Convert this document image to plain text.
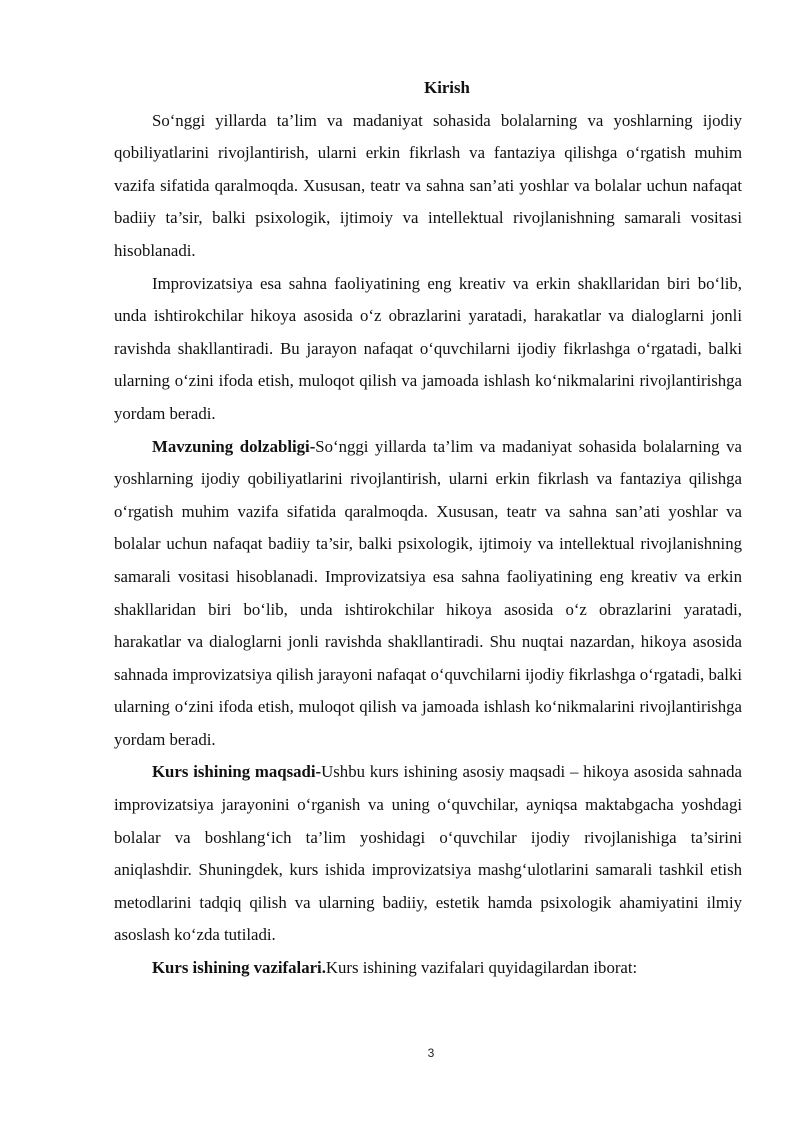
Kirish

So‘nggi yillarda ta’lim va madaniyat sohasida bolalarning va yoshlarning ijodiy qobiliyatlarini rivojlantirish, ularni erkin fikrlash va fantaziya qilishga o‘rgatish muhim vazifa sifatida qaralmoqda. Xususan, teatr va sahna san’ati yoshlar va bolalar uchun nafaqat badiiy ta’sir, balki psixologik, ijtimoiy va intellektual rivojlanishning samarali vositasi hisoblanadi.

Improvizatsiya esa sahna faoliyatining eng kreativ va erkin shakllaridan biri bo‘lib, unda ishtirokchilar hikoya asosida o‘z obrazlarini yaratadi, harakatlar va dialoglarni jonli ravishda shakllantiradi. Bu jarayon nafaqat o‘quvchilarni ijodiy fikrlashga o‘rgatadi, balki ularning o‘zini ifoda etish, muloqot qilish va jamoada ishlash ko‘nikmalarini rivojlantirishga yordam beradi.

Mavzuning dolzabligi-So‘nggi yillarda ta’lim va madaniyat sohasida bolalarning va yoshlarning ijodiy qobiliyatlarini rivojlantirish, ularni erkin fikrlash va fantaziya qilishga o‘rgatish muhim vazifa sifatida qaralmoqda. Xususan, teatr va sahna san’ati yoshlar va bolalar uchun nafaqat badiiy ta’sir, balki psixologik, ijtimoiy va intellektual rivojlanishning samarali vositasi hisoblanadi. Improvizatsiya esa sahna faoliyatining eng kreativ va erkin shakllaridan biri bo‘lib, unda ishtirokchilar hikoya asosida o‘z obrazlarini yaratadi, harakatlar va dialoglarni jonli ravishda shakllantiradi. Shu nuqtai nazardan, hikoya asosida sahnada improvizatsiya qilish jarayoni nafaqat o‘quvchilarni ijodiy fikrlashga o‘rgatadi, balki ularning o‘zini ifoda etish, muloqot qilish va jamoada ishlash ko‘nikmalarini rivojlantirishga yordam beradi.

Kurs ishining maqsadi-Ushbu kurs ishining asosiy maqsadi – hikoya asosida sahnada improvizatsiya jarayonini o‘rganish va uning o‘quvchilar, ayniqsa maktabgacha yoshdagi bolalar va boshlang‘ich ta’lim yoshidagi o‘quvchilar ijodiy rivojlanishiga ta’sirini aniqlashdir. Shuningdek, kurs ishida improvizatsiya mashg‘ulotlarini samarali tashkil etish metodlarini tadqiq qilish va ularning badiiy, estetik hamda psixologik ahamiyatini ilmiy asoslash ko‘zda tutiladi.

Kurs ishining vazifalari.Kurs ishining vazifalari quyidagilardan iborat:

3
